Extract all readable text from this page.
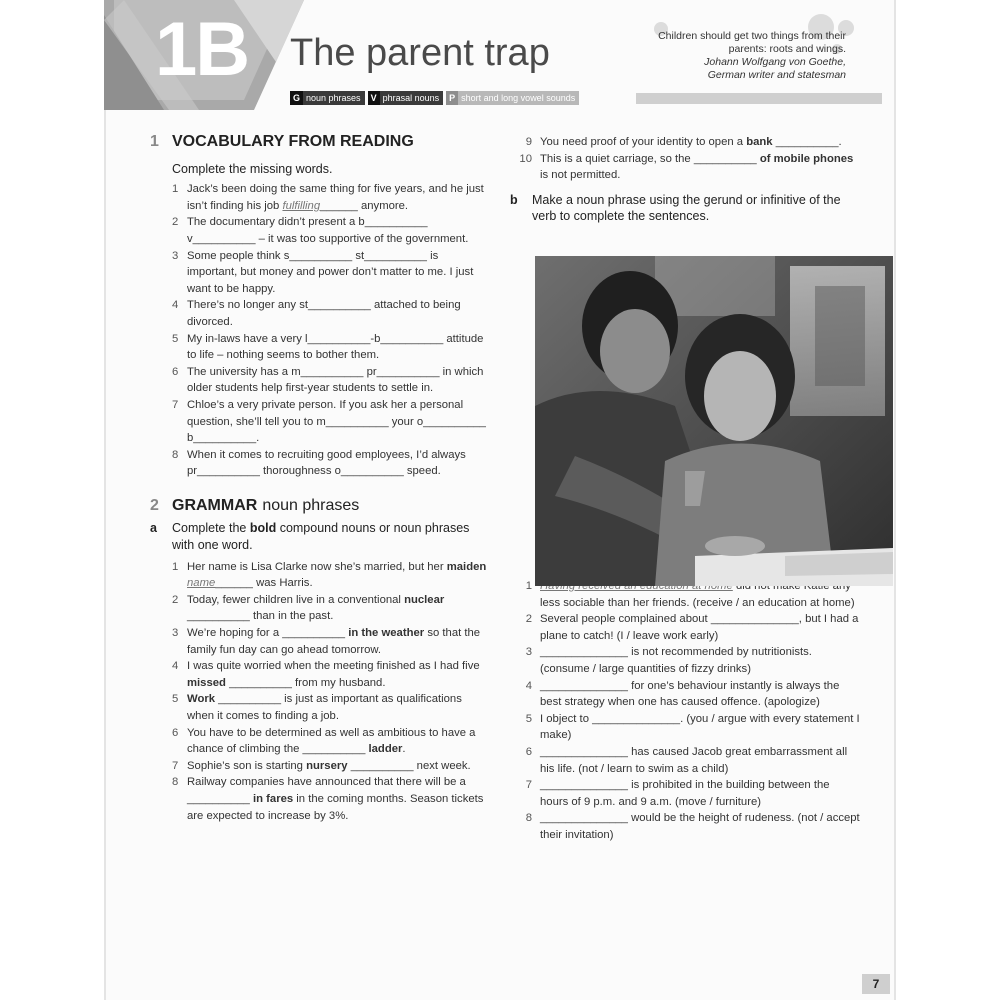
1B The parent trap	Children should get two things from their parents: roots and wings.
Johann Wolfgang von Goethe,
German writer and statesman
G noun phrases	V phrasal nouns	P short and long vowel sounds
1 VOCABULARY FROM READING
Complete the missing words.
1 Jack’s been doing the same thing for five years, and he just isn’t finding his job fulfilling______ anymore.
2 The documentary didn’t present a b__________ v__________ – it was too supportive of the government.
3 Some people think s__________ st__________ is important, but money and power don’t matter to me. I just want to be happy.
4 There’s no longer any st__________ attached to being divorced.
5 My in-laws have a very l__________-b__________ attitude to life – nothing seems to bother them.
6 The university has a m__________ pr__________ in which older students help first-year students to settle in.
7 Chloe’s a very private person. If you ask her a personal question, she’ll tell you to m__________ your o__________ b__________.
8 When it comes to recruiting good employees, I’d always pr__________ thoroughness o__________ speed.
2 GRAMMAR noun phrases
a	Complete the bold compound nouns or noun phrases with one word.
1 Her name is Lisa Clarke now she’s married, but her maiden name______ was Harris.
2 Today, fewer children live in a conventional nuclear __________ than in the past.
3 We’re hoping for a __________ in the weather so that the family fun day can go ahead tomorrow.
4 I was quite worried when the meeting finished as I had five missed __________ from my husband.
5 Work __________ is just as important as qualifications when it comes to finding a job.
6 You have to be determined as well as ambitious to have a chance of climbing the __________ ladder.
7 Sophie’s son is starting nursery __________ next week.
8 Railway companies have announced that there will be a __________ in fares in the coming months. Season tickets are expected to increase by 3%.
9 You need proof of your identity to open a bank __________.
10 This is a quiet carriage, so the __________ of mobile phones is not permitted.
b	Make a noun phrase using the gerund or infinitive of the verb to complete the sentences.
1
less sociable than her friends. (receive / an education at home)
2 Several people complained about ______________, but I had a plane to catch! (I / leave work early)
3 ______________ is not recommended by nutritionists. (consume / large quantities of fizzy drinks)
4 ______________ for one’s behaviour instantly is always the best strategy when one has caused offence. (apologize)
5 I object to ______________. (you / argue with every statement I make)
6 ______________ has caused Jacob great embarrassment all his life. (not / learn to swim as a child)
7 ______________ is prohibited in the building between the hours of 9 p.m. and 9 a.m. (move / furniture)
8 ______________ would be the height of rudeness. (not / accept their invitation)
7
